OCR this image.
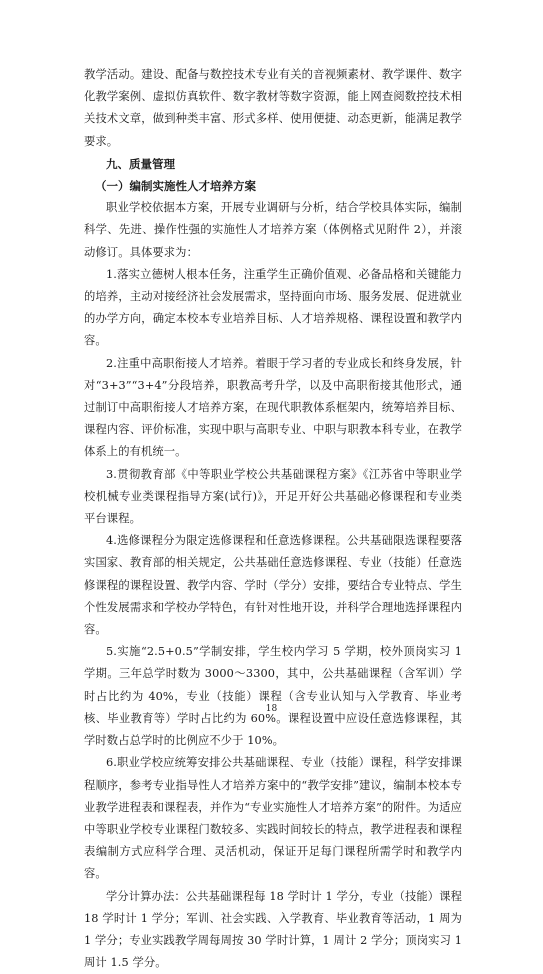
教学活动。建设、配备与数控技术专业有关的音视频素材、教学课件、数字化教学案例、虚拟仿真软件、数字教材等数字资源，能上网查阅数控技术相关技术文章，做到种类丰富、形式多样、使用便捷、动态更新，能满足教学要求。

九、质量管理
（一）编制实施性人才培养方案

职业学校依据本方案，开展专业调研与分析，结合学校具体实际，编制科学、先进、操作性强的实施性人才培养方案（体例格式见附件 2），并滚动修订。具体要求为：

1.落实立德树人根本任务，注重学生正确价值观、必备品格和关键能力的培养，主动对接经济社会发展需求，坚持面向市场、服务发展、促进就业的办学方向，确定本校本专业培养目标、人才培养规格、课程设置和教学内容。

2.注重中高职衔接人才培养。着眼于学习者的专业成长和终身发展，针对“3+3”“3+4”分段培养，职教高考升学，以及中高职衔接其他形式，通过制订中高职衔接人才培养方案，在现代职教体系框架内，统筹培养目标、课程内容、评价标准，实现中职与高职专业、中职与职教本科专业，在教学体系上的有机统一。

3.贯彻教育部《中等职业学校公共基础课程方案》《江苏省中等职业学校机械专业类课程指导方案(试行)》，开足开好公共基础必修课程和专业类平台课程。

4.选修课程分为限定选修课程和任意选修课程。公共基础限选课程要落实国家、教育部的相关规定，公共基础任意选修课程、专业（技能）任意选修课程的课程设置、教学内容、学时（学分）安排，要结合专业特点、学生个性发展需求和学校办学特色，有针对性地开设，并科学合理地选择课程内容。

5.实施“2.5+0.5”学制安排，学生校内学习 5 学期，校外顶岗实习 1 学期。三年总学时数为 3000～3300，其中，公共基础课程（含军训）学时占比约为 40%，专业（技能）课程（含专业认知与入学教育、毕业考核、毕业教育等）学时占比约为 60%。课程设置中应设任意选修课程，其学时数占总学时的比例应不少于 10%。

6.职业学校应统筹安排公共基础课程、专业（技能）课程，科学安排课程顺序，参考专业指导性人才培养方案中的“教学安排”建议，编制本校本专业教学进程表和课程表，并作为“专业实施性人才培养方案”的附件。为适应中等职业学校专业课程门数较多、实践时间较长的特点，教学进程表和课程表编制方式应科学合理、灵活机动，保证开足每门课程所需学时和教学内容。

学分计算办法：公共基础课程每 18 学时计 1 学分，专业（技能）课程 18 学时计 1 学分；军训、社会实践、入学教育、毕业教育等活动，1 周为 1 学分；专业实践教学周每周按 30 学时计算，1 周计 2 学分；顶岗实习 1 周计 1.5 学分。

18
